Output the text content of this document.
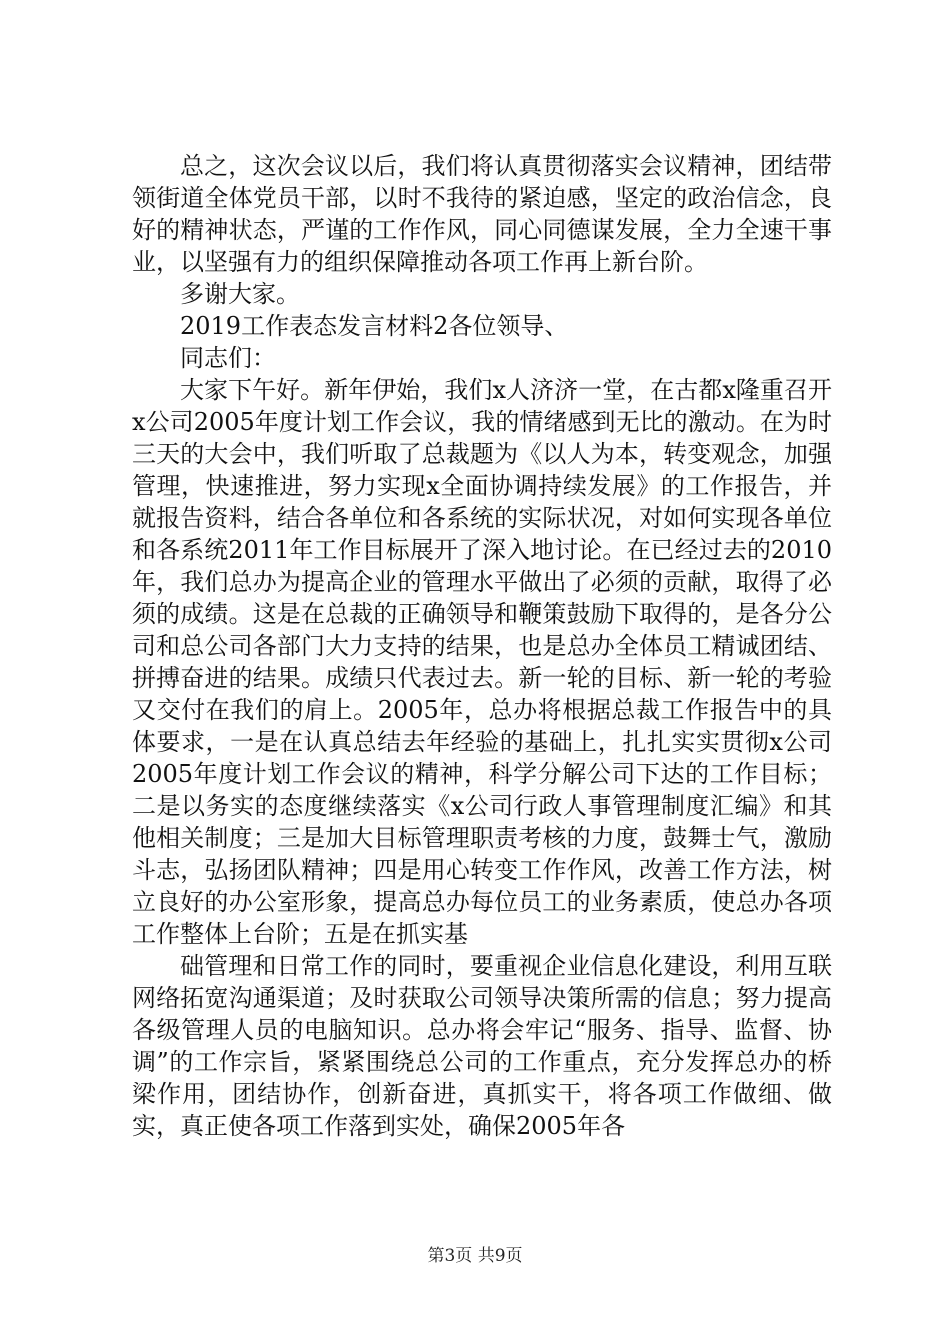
总之，这次会议以后，我们将认真贯彻落实会议精神，团结带领街道全体党员干部，以时不我待的紧迫感，坚定的政治信念，良好的精神状态，严谨的工作作风，同心同德谋发展，全力全速干事业，以坚强有力的组织保障推动各项工作再上新台阶。

多谢大家。

2019工作表态发言材料2各位领导、

同志们：

大家下午好。新年伊始，我们x人济济一堂，在古都x隆重召开x公司2005年度计划工作会议，我的情绪感到无比的激动。在为时三天的大会中，我们听取了总裁题为《以人为本，转变观念，加强管理，快速推进，努力实现x全面协调持续发展》的工作报告，并就报告资料，结合各单位和各系统的实际状况，对如何实现各单位和各系统2011年工作目标展开了深入地讨论。在已经过去的2010年，我们总办为提高企业的管理水平做出了必须的贡献，取得了必须的成绩。这是在总裁的正确领导和鞭策鼓励下取得的，是各分公司和总公司各部门大力支持的结果，也是总办全体员工精诚团结、拼搏奋进的结果。成绩只代表过去。新一轮的目标、新一轮的考验又交付在我们的肩上。2005年，总办将根据总裁工作报告中的具体要求，一是在认真总结去年经验的基础上，扎扎实实贯彻x公司2005年度计划工作会议的精神，科学分解公司下达的工作目标；二是以务实的态度继续落实《x公司行政人事管理制度汇编》和其他相关制度；三是加大目标管理职责考核的力度，鼓舞士气，激励斗志，弘扬团队精神；四是用心转变工作作风，改善工作方法，树立良好的办公室形象，提高总办每位员工的业务素质，使总办各项工作整体上台阶；五是在抓实基

础管理和日常工作的同时，要重视企业信息化建设，利用互联网络拓宽沟通渠道；及时获取公司领导决策所需的信息；努力提高各级管理人员的电脑知识。总办将会牢记“服务、指导、监督、协调”的工作宗旨，紧紧围绕总公司的工作重点，充分发挥总办的桥梁作用，团结协作，创新奋进，真抓实干，将各项工作做细、做实，真正使各项工作落到实处，确保2005年各

第3页 共9页
